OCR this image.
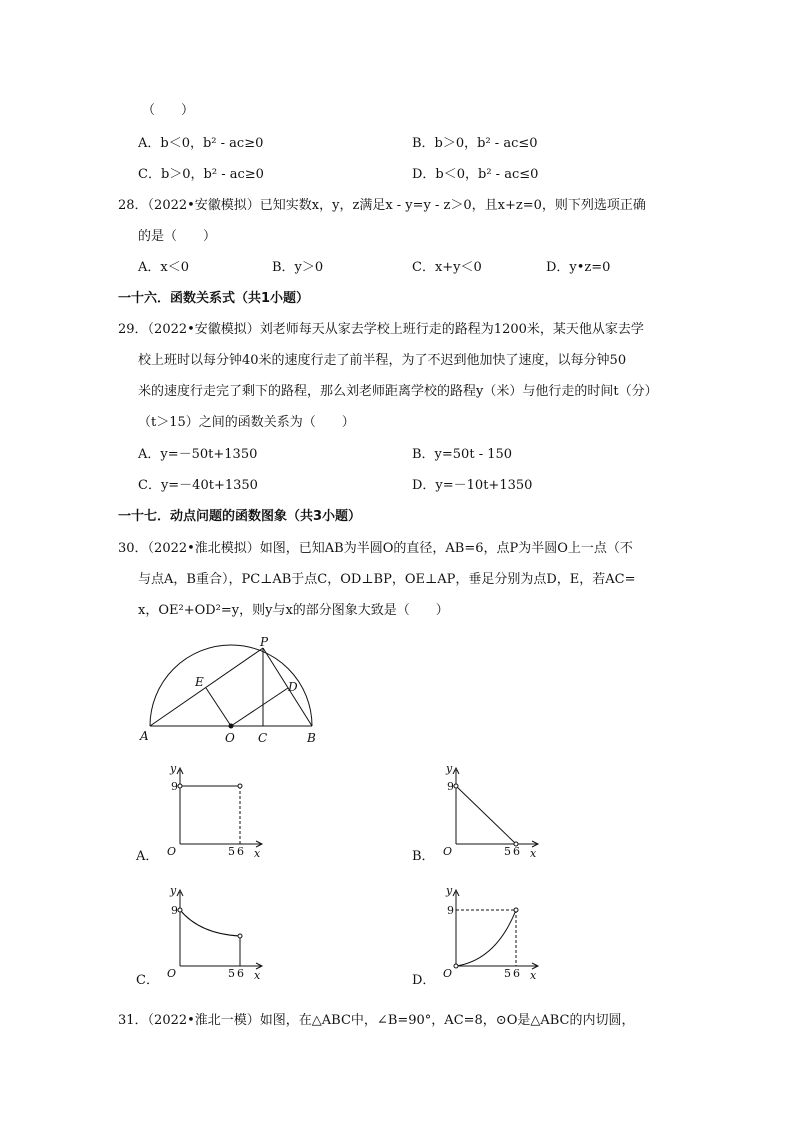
（　　）
A．b＜0，b² - ac≥0	B．b＞0，b² - ac≤0
C．b＞0，b² - ac≥0	D．b＜0，b² - ac≤0
28．（2022•安徽模拟）已知实数x，y，z满足x - y=y - z＞0，且x+z=0，则下列选项正确
的是（　　）
A．x＜0	B．y＞0	C．x+y＜0	D．y•z=0
一十六．函数关系式（共1小题）
29．（2022•安徽模拟）刘老师每天从家去学校上班行走的路程为1200米，某天他从家去学
校上班时以每分钟40米的速度行走了前半程，为了不迟到他加快了速度，以每分钟50
米的速度行走完了剩下的路程，那么刘老师距离学校的路程y（米）与他行走的时间t（分）
（t＞15）之间的函数关系为（　　）
A．y=－50t+1350	B．y=50t - 150
C．y=－40t+1350	D．y=－10t+1350
一十七．动点问题的函数图象（共3小题）
30．（2022•淮北模拟）如图，已知AB为半圆O的直径，AB=6，点P为半圆O上一点（不
与点A，B重合），PC⊥AB于点C，OD⊥BP，OE⊥AP，垂足分别为点D，E，若AC=
x，OE²+OD²=y，则y与x的部分图象大致是（　　）
P
E	D
A	O C	B
y
9
O	5 6 x
A．
y
9
O	5 6 x
B．
y
9
O	5 6 x
C．
y
9
O	5 6 x
D．
31．（2022•淮北一模）如图，在△ABC中，∠B=90°，AC=8，⊙O是△ABC的内切圆，
